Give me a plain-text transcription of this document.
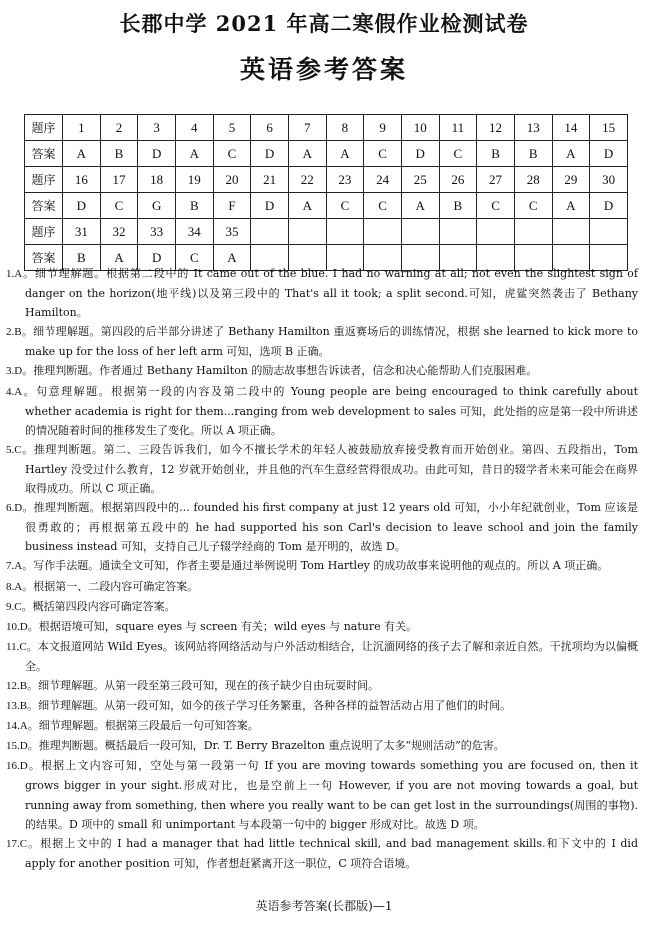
长郡中学 2021 年高二寒假作业检测试卷
英语参考答案
题序	1	2	3	4	5	6	7	8	9	10	11	12	13	14	15
答案	A	B	D	A	C	D	A	A	C	D	C	B	B	A	D
题序	16	17	18	19	20	21	22	23	24	25	26	27	28	29	30
答案	D	C	G	B	F	D	A	C	C	A	B	C	C	A	D
题序	31	32	33	34	35										
答案	B	A	D	C	A										
1.A。细节理解题。根据第二段中的 It came out of the blue. I had no warning at all; not even the slightest sign of danger on the horizon(地平线)以及第三段中的 That's all it took; a split second.可知，虎鲨突然袭击了 Bethany Hamilton。
2.B。细节理解题。第四段的后半部分讲述了 Bethany Hamilton 重返赛场后的训练情况，根据 she learned to kick more to make up for the loss of her left arm 可知，选项 B 正确。
3.D。推理判断题。作者通过 Bethany Hamilton 的励志故事想告诉读者，信念和决心能帮助人们克服困难。
4.A。句意理解题。根据第一段的内容及第二段中的 Young people are being encouraged to think carefully about whether academia is right for them...ranging from web development to sales 可知，此处指的应是第一段中所讲述的情况随着时间的推移发生了变化。所以 A 项正确。
5.C。推理判断题。第二、三段告诉我们，如今不擅长学术的年轻人被鼓励放弃接受教育而开始创业。第四、五段指出，Tom Hartley 没受过什么教育，12 岁就开始创业，并且他的汽车生意经营得很成功。由此可知，昔日的辍学者未来可能会在商界取得成功。所以 C 项正确。
6.D。推理判断题。根据第四段中的... founded his first company at just 12 years old 可知，小小年纪就创业，Tom 应该是很勇敢的；再根据第五段中的 he had supported his son Carl's decision to leave school and join the family business instead 可知，支持自己儿子辍学经商的 Tom 是开明的，故选 D。
7.A。写作手法题。通读全文可知，作者主要是通过举例说明 Tom Hartley 的成功故事来说明他的观点的。所以 A 项正确。
8.A。根据第一、二段内容可确定答案。
9.C。概括第四段内容可确定答案。
10.D。根据语境可知，square eyes 与 screen 有关；wild eyes 与 nature 有关。
11.C。本文报道网站 Wild Eyes。该网站将网络活动与户外活动相结合，让沉湎网络的孩子去了解和亲近自然。干扰项均为以偏概全。
12.B。细节理解题。从第一段至第三段可知，现在的孩子缺少自由玩耍时间。
13.B。细节理解题。从第一段可知，如今的孩子学习任务繁重，各种各样的益智活动占用了他们的时间。
14.A。细节理解题。根据第三段最后一句可知答案。
15.D。推理判断题。概括最后一段可知，Dr. T. Berry Brazelton 重点说明了太多“规则活动”的危害。
16.D。根据上文内容可知，空处与第一段第一句 If you are moving towards something you are focused on, then it grows bigger in your sight.形成对比，也是空前上一句 However, if you are not moving towards a goal, but running away from something, then where you really want to be can get lost in the surroundings(周围的事物).的结果。D 项中的 small 和 unimportant 与本段第一句中的 bigger 形成对比。故选 D 项。
17.C。根据上文中的 I had a manager that had little technical skill, and bad management skills.和下文中的 I did apply for another position 可知，作者想赶紧离开这一职位，C 项符合语境。
英语参考答案(长郡版)—1
